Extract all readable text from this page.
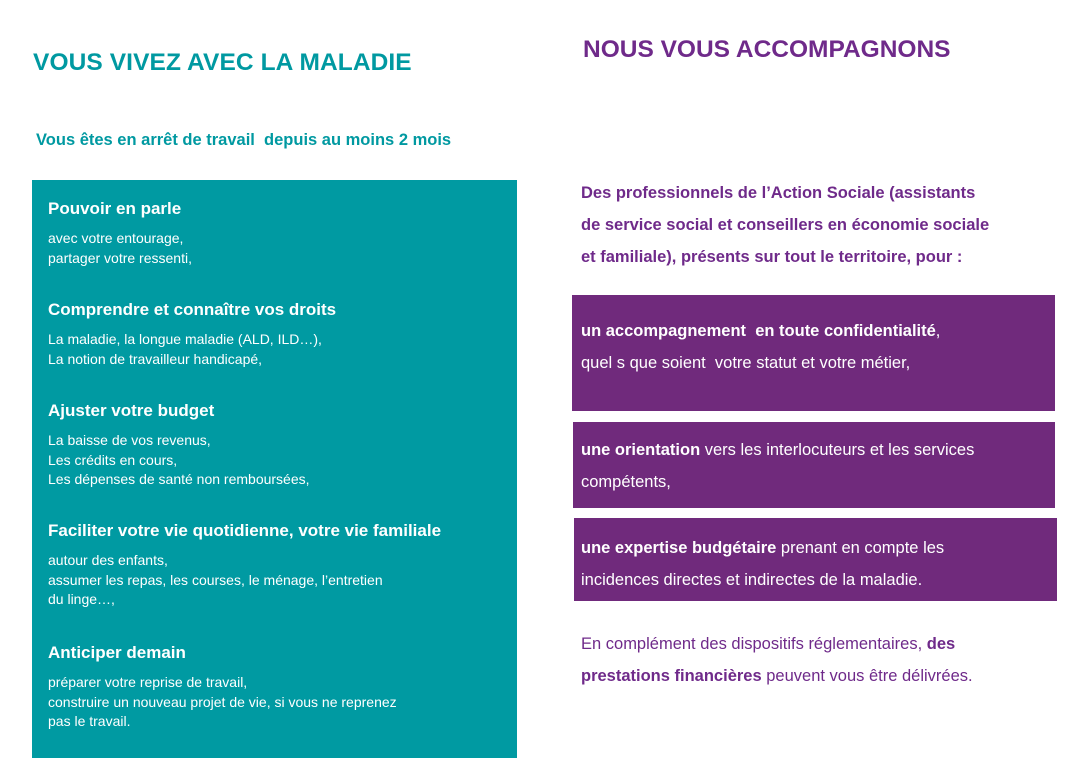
VOUS VIVEZ AVEC LA MALADIE
Vous êtes en arrêt de travail  depuis au moins 2 mois
Pouvoir en parle
avec votre entourage,
partager votre ressenti,
Comprendre et connaître vos droits
La maladie, la longue maladie (ALD, ILD…),
La notion de travailleur handicapé,
Ajuster votre budget
La baisse de vos revenus,
Les crédits en cours,
Les dépenses de santé non remboursées,
Faciliter votre vie quotidienne, votre vie familiale
autour des enfants,
assumer les repas, les courses, le ménage, l’entretien
du linge…,
Anticiper demain
préparer votre reprise de travail,
construire un nouveau projet de vie, si vous ne reprenez
pas le travail.
NOUS VOUS ACCOMPAGNONS
Des professionnels de l’Action Sociale (assistants
de service social et conseillers en économie sociale
et familiale), présents sur tout le territoire, pour :
un accompagnement  en toute confidentialité,
quel s que soient  votre statut et votre métier,
une orientation vers les interlocuteurs et les services
compétents,
une expertise budgétaire prenant en compte les
incidences directes et indirectes de la maladie.
En complément des dispositifs réglementaires, des
prestations financières peuvent vous être délivrées.
